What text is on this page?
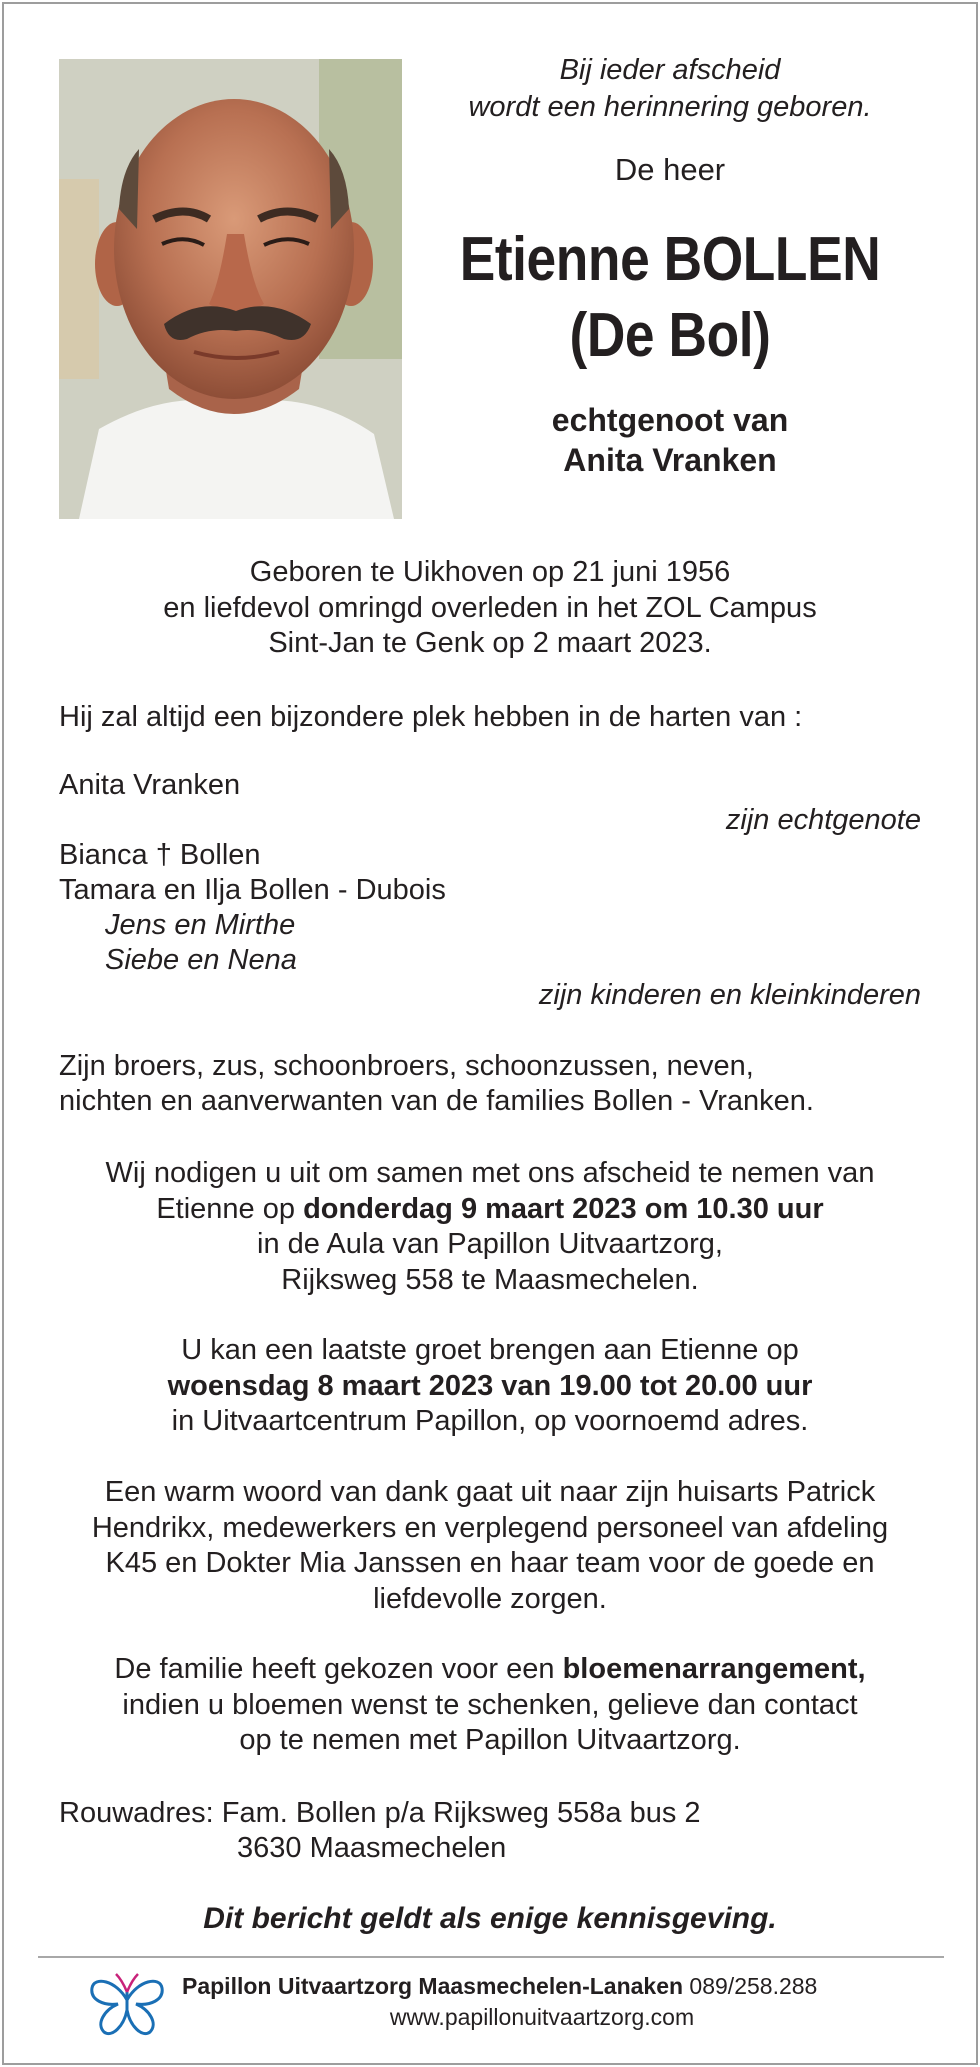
Bij ieder afscheid
wordt een herinnering geboren.
De heer
Etienne BOLLEN
(De Bol)
echtgenoot van
Anita Vranken
Geboren te Uikhoven op 21 juni 1956
en liefdevol omringd overleden in het ZOL Campus
Sint-Jan te Genk op 2 maart 2023.
Hij zal altijd een bijzondere plek hebben in de harten van :
Anita Vranken
zijn echtgenote
Bianca † Bollen
Tamara en Ilja Bollen - Dubois
Jens en Mirthe
Siebe en Nena
zijn kinderen en kleinkinderen
Zijn broers, zus, schoonbroers, schoonzussen, neven,
nichten en aanverwanten van de families Bollen - Vranken.
Wij nodigen u uit om samen met ons afscheid te nemen van
Etienne op donderdag 9 maart 2023 om 10.30 uur
in de Aula van Papillon Uitvaartzorg,
Rijksweg 558 te Maasmechelen.
U kan een laatste groet brengen aan Etienne op
woensdag 8 maart 2023 van 19.00 tot 20.00 uur
in Uitvaartcentrum Papillon, op voornoemd adres.
Een warm woord van dank gaat uit naar zijn huisarts Patrick
Hendrikx, medewerkers en verplegend personeel van afdeling
K45 en Dokter Mia Janssen en haar team voor de goede en
liefdevolle zorgen.
De familie heeft gekozen voor een bloemenarrangement,
indien u bloemen wenst te schenken, gelieve dan contact
op te nemen met Papillon Uitvaartzorg.
Rouwadres: Fam. Bollen p/a Rijksweg 558a bus 2
3630 Maasmechelen
Dit bericht geldt als enige kennisgeving.
Papillon Uitvaartzorg Maasmechelen-Lanaken 089/258.288
www.papillonuitvaartzorg.com
